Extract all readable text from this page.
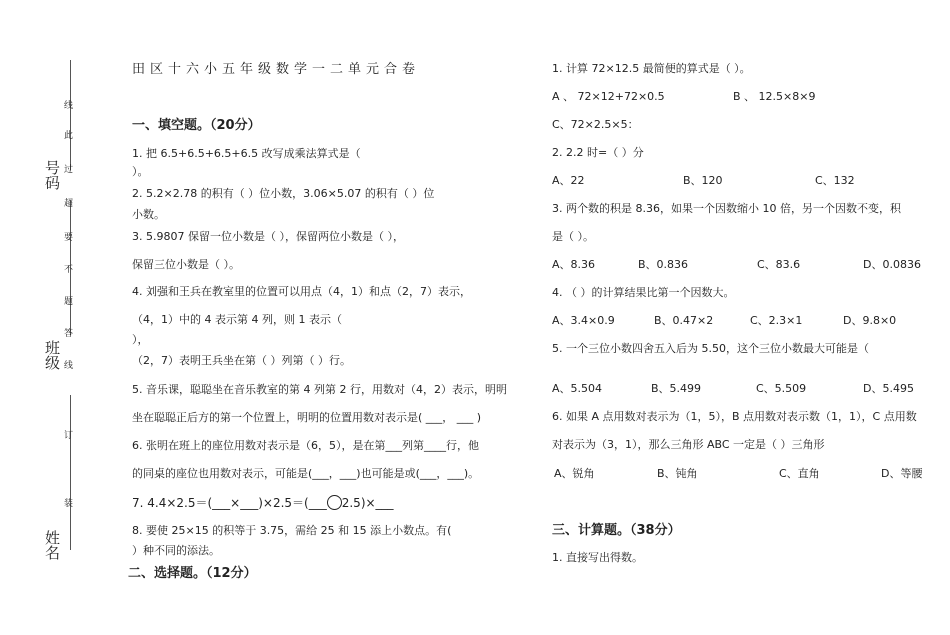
线
此
过
超
要
不
题
答
线
订
装
号码
班级
姓名
田区十六小五年级数学一二单元合卷
一、填空题。（20分）
1. 把 6.5+6.5+6.5+6.5 改写成乘法算式是（
）。
2. 5.2×2.78 的积有（ ）位小数，3.06×5.07 的积有（ ）位
小数。
3. 5.9807 保留一位小数是（ ），保留两位小数是（ ），
保留三位小数是（ ）。
4. 刘强和王兵在教室里的位置可以用点（4，1）和点（2，7）表示，
（4，1）中的 4 表示第 4 列，则 1 表示（
），
（2，7）表明王兵坐在第（ ）列第（ ）行。
5. 音乐课，聪聪坐在音乐教室的第 4 列第 2 行，用数对（4，2）表示，明明
坐在聪聪正后方的第一个位置上，明明的位置用数对表示是( ___， ___ )
6. 张明在班上的座位用数对表示是（6，5），是在第___列第____行，他
的同桌的座位也用数对表示，可能是(___，___)也可能是或(___，___)。
7. 4.4×2.5＝(___×___)×2.5＝(___ 2.5)×___
8. 要使 25×15 的积等于 3.75，需给 25 和 15 添上小数点。有(
）种不同的添法。
二、选择题。（12分）
1. 计算 72×12.5 最简便的算式是（ ）。
A 、 72×12+72×0.5	B 、 12.5×8×9
C、72×2.5×5：
2. 2.2 时=（ ）分
A、22	B、120	C、132
3. 两个数的积是 8.36，如果一个因数缩小 10 倍，另一个因数不变，积
是（ ）。
A、8.36	B、0.836	C、83.6	D、0.0836
4. （ ）的计算结果比第一个因数大。
A、3.4×0.9	B、0.47×2	C、2.3×1	D、9.8×0
5. 一个三位小数四舍五入后为 5.50，这个三位小数最大可能是（
A、5.504	B、5.499	C、5.509	D、5.495
6. 如果 A 点用数对表示为（1，5），B 点用数对表示数（1，1），C 点用数
对表示为（3，1），那么三角形 ABC 一定是（ ）三角形
A、锐角	B、钝角	C、直角	D、等腰
三、计算题。（38分）
1. 直接写出得数。
